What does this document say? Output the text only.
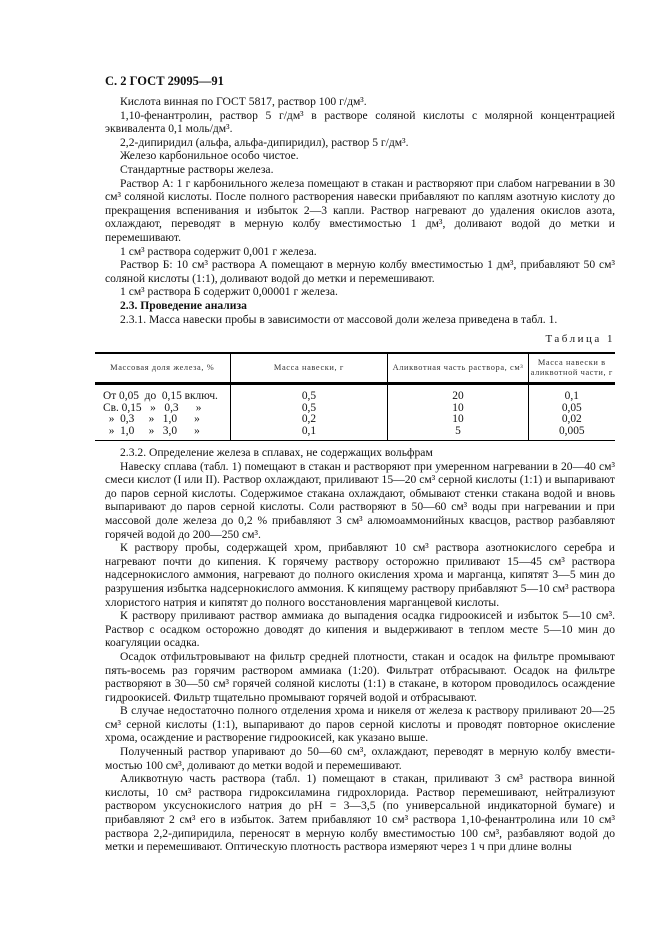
С. 2 ГОСТ 29095—91

Кислота винная по ГОСТ 5817, раствор 100 г/дм³.

1,10-фенантролин, раствор 5 г/дм³ в растворе соляной кислоты с молярной концентрацией эквивалента 0,1 моль/дм³.

2,2-дипиридил (альфа, альфа-дипиридил), раствор 5 г/дм³.

Железо карбонильное особо чистое.

Стандартные растворы железа.

Раствор А: 1 г карбонильного железа помещают в стакан и растворяют при слабом нагревании в 30 см³ соляной кислоты. После полного растворения навески прибавляют по каплям азотную кислоту до прекращения вспенивания и избыток 2—3 капли. Раствор нагревают до удаления окислов азота, охлаждают, переводят в мерную колбу вместимостью 1 дм³, доливают водой до метки и перемешивают.

1 см³ раствора содержит 0,001 г железа.

Раствор Б: 10 см³ раствора А помещают в мерную колбу вместимостью 1 дм³, прибавляют 50 см³ соляной кислоты (1:1), доливают водой до метки и перемешивают.

1 см³ раствора Б содержит 0,00001 г железа.

2.3. Проведение анализа

2.3.1. Масса навески пробы в зависимости от массовой доли железа приведена в табл. 1.

Таблица 1
Массовая доля железа, %	Масса навески, г	Аликвотная часть раствора, см³	Масса навески в аликвотной части, г
От 0,05  до  0,15 включ.	0,5	20	0,1
Св. 0,15   »   0,3      »	0,5	10	0,05
»  0,3     »   1,0      »	0,2	10	0,02
»  1,0     »   3,0      »	0,1	5	0,005

2.3.2. Определение железа в сплавах, не содержащих вольфрам

Навеску сплава (табл. 1) помещают в стакан и растворяют при умеренном нагревании в 20—40 см³ смеси кислот (I или II). Раствор охлаждают, приливают 15—20 см³ серной кислоты (1:1) и выпаривают до паров серной кислоты. Содержимое стакана охлаждают, обмывают стенки стакана водой и вновь выпаривают до паров серной кислоты. Соли растворяют в 50—60 см³ воды при нагревании и при массовой доле железа до 0,2 % прибавляют 3 см³ алюмоаммонийных квасцов, раствор разбавляют горячей водой до 200—250 см³.

К раствору пробы, содержащей хром, прибавляют 10 см³ раствора азотнокислого серебра и нагревают почти до кипения. К горячему раствору осторожно приливают 15—45 см³ раствора надсернокислого аммония, нагревают до полного окисления хрома и марганца, кипятят 3—5 мин до разрушения избытка надсернокислого аммония. К кипящему раствору прибавляют 5—10 см³ раствора хлористого натрия и кипятят до полного восстановления марганцевой кислоты.

К раствору приливают раствор аммиака до выпадения осадка гидроокисей и избыток 5—10 см³. Раствор с осадком осторожно доводят до кипения и выдерживают в теплом месте 5—10 мин до коагуляции осадка.

Осадок отфильтровывают на фильтр средней плотности, стакан и осадок на фильтре промывают пять-восемь раз горячим раствором аммиака (1:20). Фильтрат отбрасывают. Осадок на фильтре растворяют в 30—50 см³ горячей соляной кислоты (1:1) в стакане, в котором проводилось осаждение гидроокисей. Фильтр тщательно промывают горячей водой и отбрасывают.

В случае недостаточно полного отделения хрома и никеля от железа к раствору приливают 20—25 см³ серной кислоты (1:1), выпаривают до паров серной кислоты и проводят повторное окисление хрома, осаждение и растворение гидроокисей, как указано выше.

Полученный раствор упаривают до 50—60 см³, охлаждают, переводят в мерную колбу вмести-мостью 100 см³, доливают до метки водой и перемешивают.

Аликвотную часть раствора (табл. 1) помещают в стакан, приливают 3 см³ раствора винной кислоты, 10 см³ раствора гидроксиламина гидрохлорида. Раствор перемешивают, нейтрализуют раствором уксуснокислого натрия до pH = 3—3,5 (по универсальной индикаторной бумаге) и прибавляют 2 см³ его в избыток. Затем прибавляют 10 см³ раствора 1,10-фенантролина или 10 см³ раствора 2,2-дипиридила, переносят в мерную колбу вместимостью 100 см³, разбавляют водой до метки и перемешивают. Оптическую плотность раствора измеряют через 1 ч при длине волны
